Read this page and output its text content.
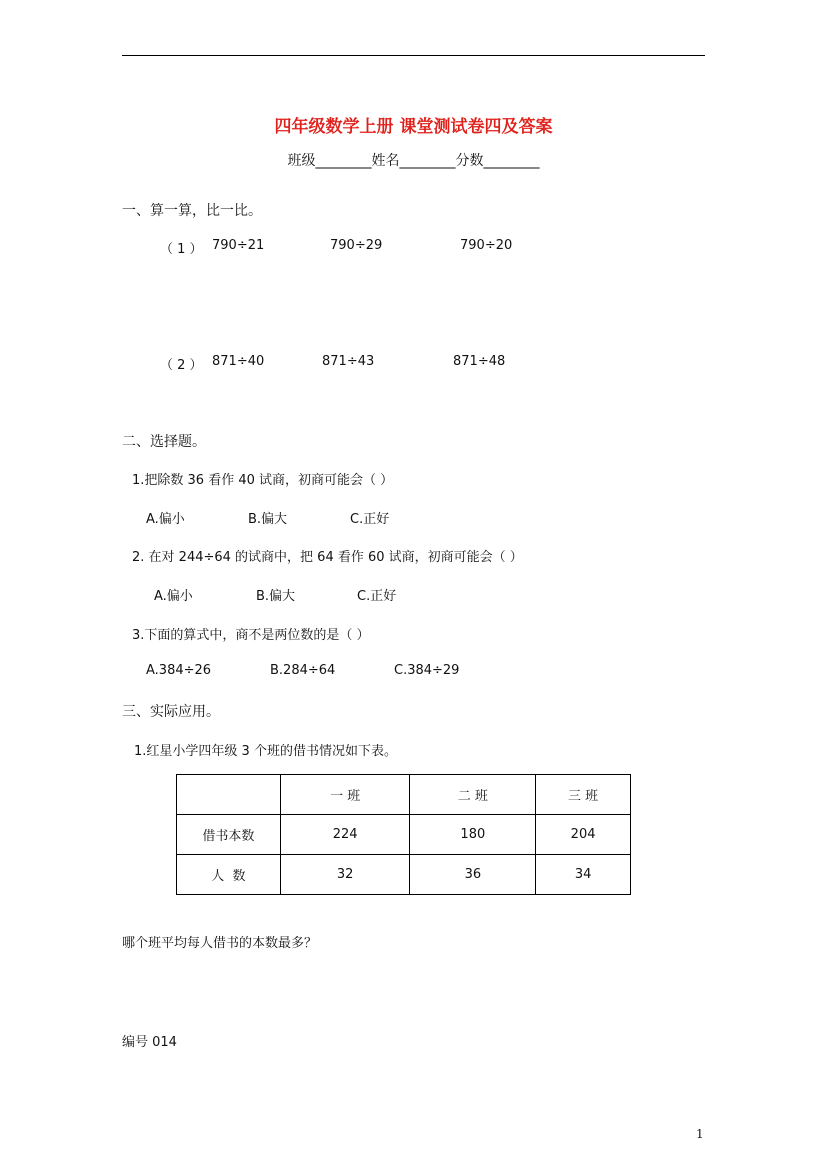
四年级数学上册 课堂测试卷四及答案
班级________姓名________分数________
一、算一算，比一比。
（ 1 ） 790÷21	790÷29	790÷20
（ 2 ） 871÷40	871÷43	871÷48
二、选择题。
1.把除数 36 看作 40 试商，初商可能会（ ）
A.偏小	B.偏大	C.正好
2. 在对 244÷64 的试商中，把 64 看作 60 试商，初商可能会（ ）
A.偏小	B.偏大	C.正好
3.下面的算式中，商不是两位数的是（ ）
A.384÷26	B.284÷64	C.384÷29
三、实际应用。
1.红星小学四年级 3 个班的借书情况如下表。
	一 班	二 班	三 班
借书本数	224	180	204
人  数	32	36	34
哪个班平均每人借书的本数最多？
编号 014
1
